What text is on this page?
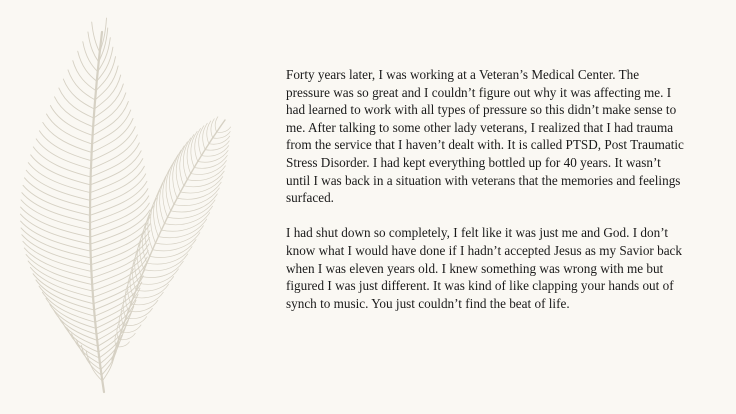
Forty years later, I was working at a Veteran’s Medical Center. The pressure was so great and I couldn’t figure out why it was affecting me. I had learned to work with all types of pressure so this didn’t make sense to me. After talking to some other lady veterans, I realized that I had trauma from the service that I haven’t dealt with. It is called PTSD, Post Traumatic Stress Disorder. I had kept everything bottled up for 40 years. It wasn’t until I was back in a situation with veterans that the memories and feelings surfaced.

I had shut down so completely, I felt like it was just me and God. I don’t know what I would have done if I hadn’t accepted Jesus as my Savior back when I was eleven years old. I knew something was wrong with me but figured I was just different. It was kind of like clapping your hands out of synch to music. You just couldn’t find the beat of life.
